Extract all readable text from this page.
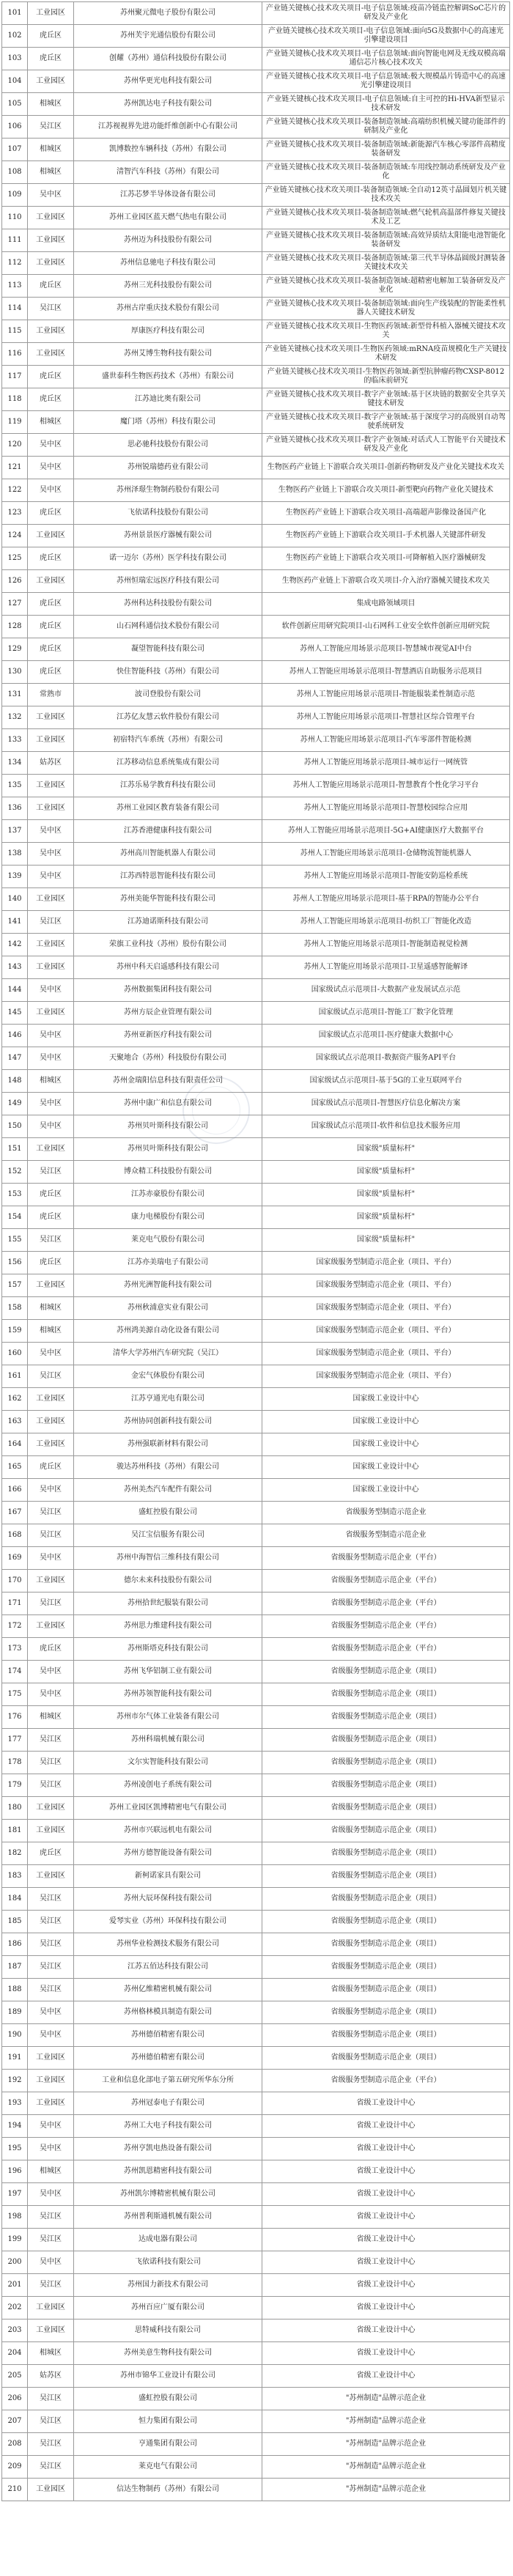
101	工业园区	苏州聚元微电子股份有限公司	产业链关键核心技术攻关项目-电子信息领域:疫苗冷链监控解调SoC芯片的研发及产业化
102	虎丘区	苏州芙宇光通信股份有限公司	产业链关键核心技术攻关项目-电子信息领域:面向5G及数据中心的高速光引擎建设项目
103	虎丘区	创耀（苏州）通信科技股份有限公司	产业链关键核心技术攻关项目-电子信息领域:面向智能电网及无线双模高端通信芯片核心技术攻关
104	工业园区	苏州华更光电科技有限公司	产业链关键核心技术攻关项目-电子信息领域:极大规模晶片铸造中心的高速光引擎建设项目
105	相城区	苏州凯达电子科技有限公司	产业链关键核心技术攻关项目-电子信息领域:自主可控的Hi-HVA新型显示技术研发
106	吴江区	江苏视视界先进功能纤维创新中心有限公司	产业链关键核心技术攻关项目-装备制造领域:高端纺织机械关键功能部件的研制及产业化
107	相城区	凯博数控车辆科技（苏州）有限公司	产业链关键核心技术攻关项目-装备制造领域:新能源汽车核心零部件高精度装备研发
108	相城区	清智汽车科技（苏州）有限公司	产业链关键核心技术攻关项目-装备制造领域:车用线控制动系统研发及产业化
109	吴中区	江苏芯梦半导体设备有限公司	产业链关键核心技术攻关项目-装备制造领域:全自动12英寸晶圆划片机关键技术攻关
110	工业园区	苏州工业园区蓝天燃气热电有限公司	产业链关键核心技术攻关项目-装备制造领域:燃气轮机高温部件修复关键技术及工艺
111	工业园区	苏州迈为科技股份有限公司	产业链关键核心技术攻关项目-装备制造领域:高效异质结太阳能电池智能化装备研发
112	工业园区	苏州信息驰电子科技有限公司	产业链关键核心技术攻关项目-装备制造领域:第三代半导体晶圆级封测装备关键技术攻关
113	虎丘区	苏州三光科技股份有限公司	产业链关键核心技术攻关项目-装备制造领域:超精密电解加工装备研发及产业化
114	吴江区	苏州古岸重庆技术股份有限公司	产业链关键核心技术攻关项目-装备制造领域:面向生产线装配的智能柔性机器人关键技术研发
115	工业园区	厚康医疗科技有限公司	产业链关键核心技术攻关项目-生物医药领域:新型骨科植入器械关键技术攻关
116	工业园区	苏州艾博生物科技有限公司	产业链关键核心技术攻关项目-生物医药领域:mRNA疫苗规模化生产关键技术研发
117	虎丘区	盛世泰科生物医药技术（苏州）有限公司	产业链关键核心技术攻关项目-生物医药领域:新型抗肿瘤药物CXSP-8012的临床前研究
118	虎丘区	江苏迪比奥有限公司	产业链关键核心技术攻关项目-数字产业领域:基于区块链的数据安全共享关键技术研发
119	相城区	魔门塔（苏州）科技有限公司	产业链关键核心技术攻关项目-数字产业领域:基于深度学习的高级别自动驾驶系统研发
120	吴中区	思必驰科技股份有限公司	产业链关键核心技术攻关项目-数字产业领域:对话式人工智能平台关键技术研发及产业化
121	吴中区	苏州锐瑞德药业有限公司	生物医药产业链上下游联合攻关项目-创新药物研发及产业化关键技术攻关
122	吴中区	苏州泽璟生物制药股份有限公司	生物医药产业链上下游联合攻关项目-新型靶向药物产业化关键技术
123	虎丘区	飞依诺科技股份有限公司	生物医药产业链上下游联合攻关项目-高端超声影像设备国产化
124	工业园区	苏州景景医疗器械有限公司	生物医药产业链上下游联合攻关项目-手术机器人关键部件研发
125	虎丘区	诺一迈尔（苏州）医学科技有限公司	生物医药产业链上下游联合攻关项目-可降解植入医疗器械研发
126	工业园区	苏州恒瑞宏远医疗科技有限公司	生物医药产业链上下游联合攻关项目-介入治疗器械关键技术攻关
127	虎丘区	苏州科达科技股份有限公司	集成电路领域项目
128	虎丘区	山石网科通信技术股份有限公司	软件创新应用研究院项目-山石网科工业安全软件创新应用研究院
129	虎丘区	凝望智能科技有限公司	苏州人工智能应用场景示范项目-智慧城市视觉AI中台
130	虎丘区	快住智能科技（苏州）有限公司	苏州人工智能应用场景示范项目-智慧酒店自助服务示范项目
131	常熟市	波司登股份有限公司	苏州人工智能应用场景示范项目-智能服装柔性制造示范
132	工业园区	江苏亿友慧云软件股份有限公司	苏州人工智能应用场景示范项目-智慧社区综合管理平台
133	工业园区	初宿特汽车系统（苏州）有限公司	苏州人工智能应用场景示范项目-汽车零部件智能检测
134	姑苏区	江苏移动信息系统集成有限公司	苏州人工智能应用场景示范项目-城市运行一网统管
135	工业园区	江苏乐易学教育科技有限公司	苏州人工智能应用场景示范项目-智慧教育个性化学习平台
136	工业园区	苏州工业园区教育装备有限公司	苏州人工智能应用场景示范项目-智慧校园综合应用
137	吴中区	江苏香港健康科技有限公司	苏州人工智能应用场景示范项目-5G+AI健康医疗大数据平台
138	吴中区	苏州高川智能机器人有限公司	苏州人工智能应用场景示范项目-仓储物流智能机器人
139	吴中区	江苏西特恩智能科技有限公司	苏州人工智能应用场景示范项目-智能安防巡检系统
140	工业园区	苏州美能华智能科技有限公司	苏州人工智能应用场景示范项目-基于RPA的智能办公平台
141	吴江区	江苏迪诺斯科技有限公司	苏州人工智能应用场景示范项目-纺织工厂智能化改造
142	工业园区	荣旗工业科技（苏州）股份有限公司	苏州人工智能应用场景示范项目-智能制造视觉检测
143	工业园区	苏州中科天启遥感科技有限公司	苏州人工智能应用场景示范项目-卫星遥感智能解译
144	吴中区	苏州数据集团科技有限公司	国家级试点示范项目-大数据产业发展试点示范
145	工业园区	苏州方辰企业管理有限公司	国家级试点示范项目-智能工厂数字化管理
146	吴中区	苏州亚新医疗科技有限公司	国家级试点示范项目-医疗健康大数据中心
147	吴中区	天聚地合（苏州）科技股份有限公司	国家级试点示范项目-数据资产服务API平台
148	相城区	苏州金瑞阳信息科技有限责任公司	国家级试点示范项目-基于5G的工业互联网平台
149	吴中区	苏州中康广和信息有限公司	国家级试点示范项目-智慧医疗信息化解决方案
150	吴中区	苏州贝叶斯科技有限公司	国家级试点示范项目-软件和信息技术服务应用
151	工业园区	苏州贝叶斯科技有限公司	国家级"质量标杆"
152	吴江区	博众精工科技股份有限公司	国家级"质量标杆"
153	虎丘区	江苏赤豪股份有限公司	国家级"质量标杆"
154	虎丘区	康力电梯股份有限公司	国家级"质量标杆"
155	吴江区	莱克电气股份有限公司	国家级"质量标杆"
156	虎丘区	江苏亦美瑞电子有限公司	国家级服务型制造示范企业（项目、平台）
157	工业园区	苏州光洲智能科技有限公司	国家级服务型制造示范企业（项目、平台）
158	相城区	苏州秋浦意实业有限公司	国家级服务型制造示范企业（项目、平台）
159	相城区	苏州鸿美源自动化设备有限公司	国家级服务型制造示范企业（项目、平台）
160	吴中区	清华大学苏州汽车研究院（吴江）	国家级服务型制造示范企业（项目、平台）
161	吴江区	金宏气体股份有限公司	国家级服务型制造示范企业（项目、平台）
162	工业园区	江苏亨通光电有限公司	国家级工业设计中心
163	工业园区	苏州协同创新科技有限公司	国家级工业设计中心
164	工业园区	苏州强联新材料有限公司	国家级工业设计中心
165	虎丘区	骏达苏州科技（苏州）有限公司	国家级工业设计中心
166	吴中区	苏州美杰汽车配件有限公司	国家级工业设计中心
167	吴江区	盛虹控股有限公司	省级服务型制造示范企业
168	吴江区	吴江宝信服务有限公司	省级服务型制造示范企业
169	吴中区	苏州中海智信三维科技有限公司	省级服务型制造示范企业（平台）
170	工业园区	德尔未来科技股份有限公司	省级服务型制造示范企业（平台）
171	吴江区	苏州拾世纪服装有限公司	省级服务型制造示范企业（平台）
172	工业园区	苏州思力维建科技有限公司	省级服务型制造示范企业（平台）
173	虎丘区	苏州斯塔克科技有限公司	省级服务型制造示范企业（平台）
174	吴中区	苏州飞华铝制工业有限公司	省级服务型制造示范企业（项目）
175	吴中区	苏州苏领智能科技有限公司	省级服务型制造示范企业（项目）
176	相城区	苏州市尔气体工业装备有限公司	省级服务型制造示范企业（项目）
177	吴江区	苏州科瑞机械有限公司	省级服务型制造示范企业（项目）
178	吴江区	文尔实智能科技有限公司	省级服务型制造示范企业（项目）
179	吴江区	苏州凌创电子系统有限公司	省级服务型制造示范企业（项目）
180	工业园区	苏州工业园区凯博精密电气有限公司	省级服务型制造示范企业（项目）
181	工业园区	苏州市兴联远机电有限公司	省级服务型制造示范企业（项目）
182	虎丘区	苏州方德智能设备有限公司	省级服务型制造示范企业（项目）
183	工业园区	新柯诺家具有限公司	省级服务型制造示范企业（项目）
184	吴江区	苏州大辰环保科技有限公司	省级服务型制造示范企业（项目）
185	吴江区	爱琴实业（苏州）环保科技有限公司	省级服务型制造示范企业（项目）
186	吴江区	苏州华业检测技术服务有限公司	省级服务型制造示范企业（项目）
187	吴江区	江苏五佰达科技有限公司	省级服务型制造示范企业（项目）
188	吴江区	苏州亿维精密机械有限公司	省级服务型制造示范企业（项目）
189	吴中区	苏州格林模具制造有限公司	省级服务型制造示范企业（项目）
190	吴中区	苏州德佰精密有限公司	省级服务型制造示范企业（项目）
191	工业园区	苏州德伯精密有限公司	省级服务型制造示范企业（项目）
192	工业园区	工业和信息化部电子第五研究所华东分所	省级服务型制造示范企业（平台）
193	工业园区	苏州冠泰电子有限公司	省级工业设计中心
194	吴中区	苏州工大电子科技有限公司	省级工业设计中心
195	吴中区	苏州亨凯电热设备有限公司	省级工业设计中心
196	相城区	苏州凯恩精密科技有限公司	省级工业设计中心
197	吴中区	苏州凯尔博精密机械有限公司	省级工业设计中心
198	吴江区	苏州普利斯通机械有限公司	省级工业设计中心
199	吴江区	达成电器有限公司	省级工业设计中心
200	吴中区	飞依诺科技有限公司	省级工业设计中心
201	吴江区	苏州国力新技术有限公司	省级工业设计中心
202	工业园区	苏州百应广厦有限公司	省级工业设计中心
203	工业园区	思特威科技有限公司	省级工业设计中心
204	相城区	苏州美意生物科技有限公司	省级工业设计中心
205	姑苏区	苏州市锦华工业设计有限公司	省级工业设计中心
206	吴江区	盛虹控股有限公司	"苏州制造"品牌示范企业
207	吴江区	恒力集团有限公司	"苏州制造"品牌示范企业
208	吴江区	亨通集团有限公司	"苏州制造"品牌示范企业
209	吴江区	莱克电气有限公司	"苏州制造"品牌示范企业
210	工业园区	信达生物制药（苏州）有限公司	"苏州制造"品牌示范企业
